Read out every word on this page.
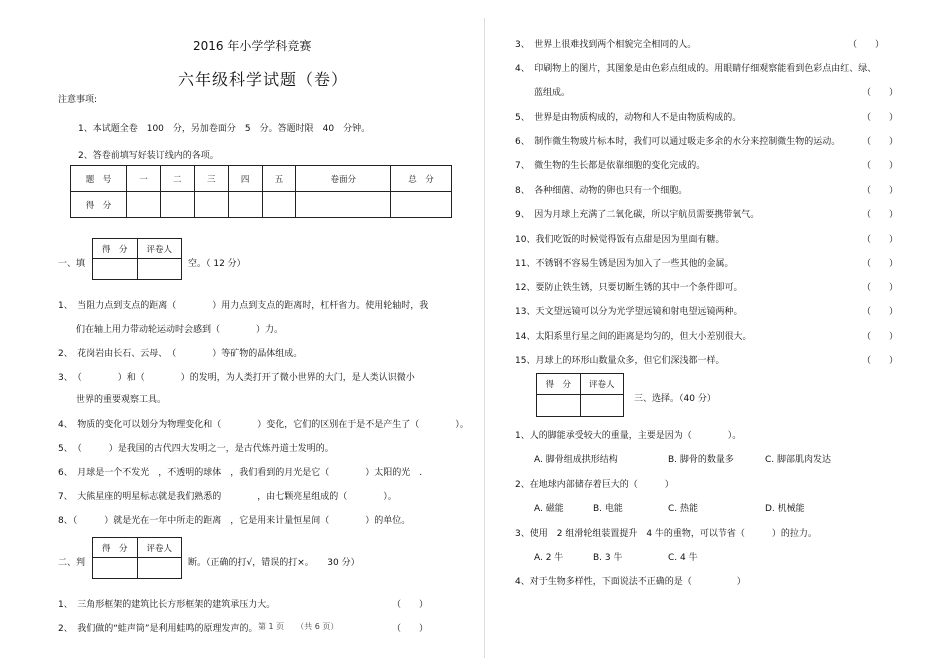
2016 年小学学科竞赛
六年级科学试题（卷）
注意事项:
1、本试题全卷　100　分，另加卷面分　5　分。答题时限　40　分钟。
2、答卷前填写好装订线内的各项。
题　号	一	二	三	四	五	卷面分	总　分
得　分							
一、填
得　分	评卷人

空。（ 12 分）
1、　当阻力点到支点的距离（　　　　）用力点到支点的距离时，杠杆省力。使用轮轴时，我
们在轴上用力带动轮运动时会感到（　　　　）力。
2、　花岗岩由长石、云母、　（　　　　）等矿物的晶体组成。
3、　（　　　　）和（　　　　）的发明，为人类打开了微小世界的大门，是人类认识微小
世界的重要观察工具。
4、　物质的变化可以划分为物理变化和（　　　　）变化，它们的区别在于是不是产生了（　　　　）。
5、　（　　　）是我国的古代四大发明之一，是古代炼丹道士发明的。
6、　月球是一个不发光　，不透明的球体　，我们看到的月光是它（　　　　）太阳的光　.
7、　大熊星座的明星标志就是我们熟悉的　　　　，由七颗亮星组成的（　　　　）。
8、（　　　）就是光在一年中所走的距离　，它是用来计量恒星间（　　　　）的单位。
二、判
得　分	评卷人

断。（正确的打√，错误的打×。　　30 分）
1、　三角形框架的建筑比长方形框架的建筑承压力大。	（　　）
2、　我们做的“蛙声筒”是利用蛙鸣的原理发声的。	（　　）
第 1 页　　（共 6 页）
3、　世界上很难找到两个相貌完全相同的人。	（　　）
4、　印刷物上的图片，其图象是由色彩点组成的。用眼睛仔细观察能看到色彩点由红、绿、
蓝组成。	（　　）
5、　世界是由物质构成的，动物和人不是由物质构成的。	（　　）
6、　制作微生物玻片标本时，我们可以通过吸走多余的水分来控制微生物的运动。 （　　）
7、　微生物的生长都是依靠细胞的变化完成的。	（　　）
8、　各种细菌、动物的卵也只有一个细胞。	（　　）
9、　因为月球上充满了二氧化碳，所以宇航员需要携带氧气。	（　　）
10、我们吃饭的时候觉得饭有点甜是因为里面有糖。	（　　）
11、不锈钢不容易生锈是因为加入了一些其他的金属。	（　　）
12、要防止铁生锈，只要切断生锈的其中一个条件即可。	（　　）
13、天文望远镜可以分为光学望远镜和射电望远镜两种。	（　　）
14、太阳系里行星之间的距离是均匀的，但大小差别很大。	（　　）
15、月球上的环形山数量众多，但它们深浅都一样。	（　　）
得　分	评卷人

三、选择。（40 分）
1、人的脚能承受较大的重量，主要是因为（　　　　）。
A. 脚骨组成拱形结构	B. 脚骨的数量多	C. 脚部肌肉发达
2、在地球内部储存着巨大的（　　　）
A. 磁能	B. 电能	C. 热能	D. 机械能
3、使用　2 组滑轮组装置提升　4 牛的重物，可以节省（　　　）的拉力。
A. 2 牛	B. 3 牛	C. 4 牛
4、对于生物多样性，下面说法不正确的是（　　　　　）
